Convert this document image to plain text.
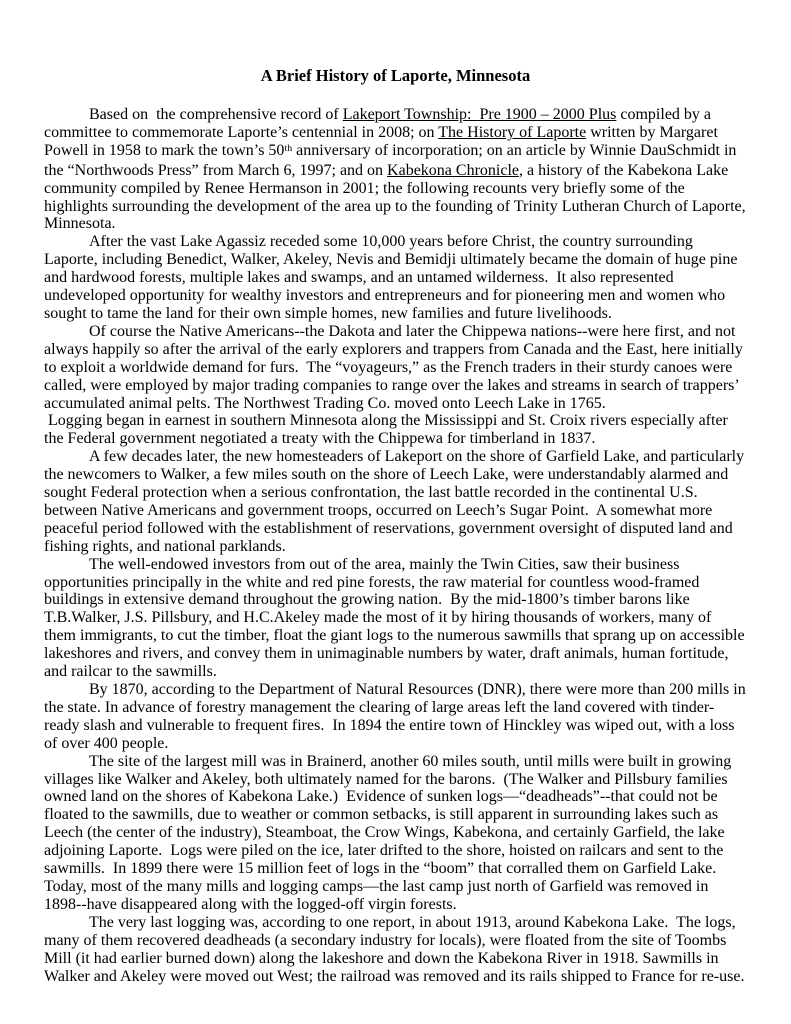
A Brief History of Laporte, Minnesota

Based on  the comprehensive record of Lakeport Township:  Pre 1900 – 2000 Plus compiled by a committee to commemorate Laporte’s centennial in 2008; on The History of Laporte written by Margaret Powell in 1958 to mark the town’s 50th anniversary of incorporation; on an article by Winnie DauSchmidt in the “Northwoods Press” from March 6, 1997; and on Kabekona Chronicle, a history of the Kabekona Lake community compiled by Renee Hermanson in 2001; the following recounts very briefly some of the highlights surrounding the development of the area up to the founding of Trinity Lutheran Church of Laporte, Minnesota.

After the vast Lake Agassiz receded some 10,000 years before Christ, the country surrounding Laporte, including Benedict, Walker, Akeley, Nevis and Bemidji ultimately became the domain of huge pine and hardwood forests, multiple lakes and swamps, and an untamed wilderness.  It also represented undeveloped opportunity for wealthy investors and entrepreneurs and for pioneering men and women who sought to tame the land for their own simple homes, new families and future livelihoods.

Of course the Native Americans--the Dakota and later the Chippewa nations--were here first, and not always happily so after the arrival of the early explorers and trappers from Canada and the East, here initially to exploit a worldwide demand for furs.  The “voyageurs,” as the French traders in their sturdy canoes were called, were employed by major trading companies to range over the lakes and streams in search of trappers’ accumulated animal pelts. The Northwest Trading Co. moved onto Leech Lake in 1765.

Logging began in earnest in southern Minnesota along the Mississippi and St. Croix rivers especially after the Federal government negotiated a treaty with the Chippewa for timberland in 1837.

A few decades later, the new homesteaders of Lakeport on the shore of Garfield Lake, and particularly the newcomers to Walker, a few miles south on the shore of Leech Lake, were understandably alarmed and sought Federal protection when a serious confrontation, the last battle recorded in the continental U.S. between Native Americans and government troops, occurred on Leech’s Sugar Point.  A somewhat more peaceful period followed with the establishment of reservations, government oversight of disputed land and fishing rights, and national parklands.

The well-endowed investors from out of the area, mainly the Twin Cities, saw their business opportunities principally in the white and red pine forests, the raw material for countless wood-framed buildings in extensive demand throughout the growing nation.  By the mid-1800’s timber barons like T.B.Walker, J.S. Pillsbury, and H.C.Akeley made the most of it by hiring thousands of workers, many of them immigrants, to cut the timber, float the giant logs to the numerous sawmills that sprang up on accessible lakeshores and rivers, and convey them in unimaginable numbers by water, draft animals, human fortitude, and railcar to the sawmills.

By 1870, according to the Department of Natural Resources (DNR), there were more than 200 mills in the state. In advance of forestry management the clearing of large areas left the land covered with tinder-ready slash and vulnerable to frequent fires.  In 1894 the entire town of Hinckley was wiped out, with a loss of over 400 people.

The site of the largest mill was in Brainerd, another 60 miles south, until mills were built in growing villages like Walker and Akeley, both ultimately named for the barons.  (The Walker and Pillsbury families owned land on the shores of Kabekona Lake.)  Evidence of sunken logs—“deadheads”--that could not be floated to the sawmills, due to weather or common setbacks, is still apparent in surrounding lakes such as Leech (the center of the industry), Steamboat, the Crow Wings, Kabekona, and certainly Garfield, the lake adjoining Laporte.  Logs were piled on the ice, later drifted to the shore, hoisted on railcars and sent to the sawmills.  In 1899 there were 15 million feet of logs in the “boom” that corralled them on Garfield Lake.  Today, most of the many mills and logging camps—the last camp just north of Garfield was removed in 1898--have disappeared along with the logged-off virgin forests.

The very last logging was, according to one report, in about 1913, around Kabekona Lake.  The logs, many of them recovered deadheads (a secondary industry for locals), were floated from the site of Toombs Mill (it had earlier burned down) along the lakeshore and down the Kabekona River in 1918. Sawmills in Walker and Akeley were moved out West; the railroad was removed and its rails shipped to France for re-use.
